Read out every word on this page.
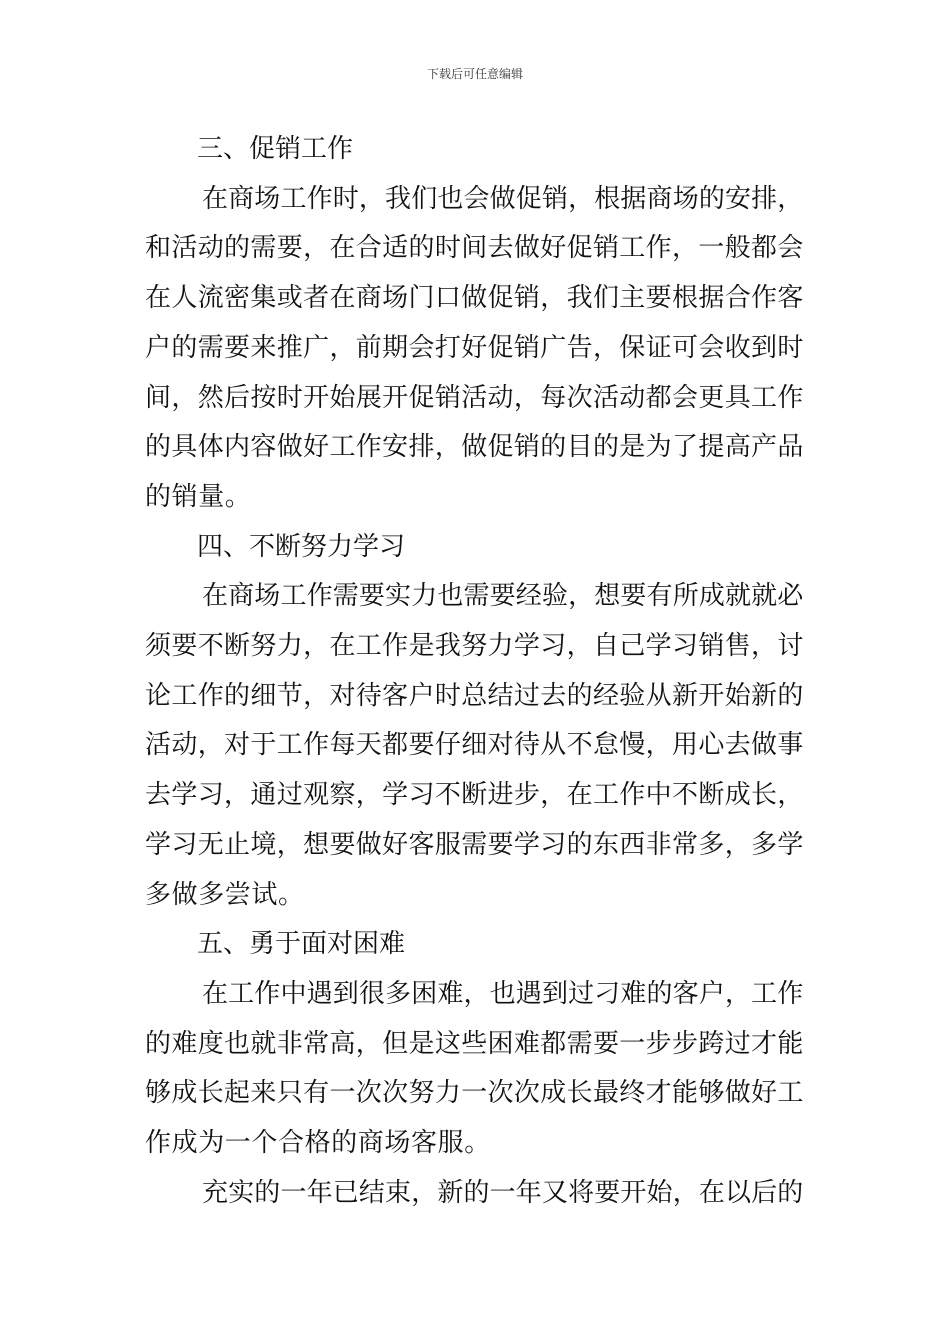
下载后可任意编辑

三、促销工作

在商场工作时，我们也会做促销，根据商场的安排，
和活动的需要，在合适的时间去做好促销工作，一般都会
在人流密集或者在商场门口做促销，我们主要根据合作客
户的需要来推广，前期会打好促销广告，保证可会收到时
间，然后按时开始展开促销活动，每次活动都会更具工作
的具体内容做好工作安排，做促销的目的是为了提高产品
的销量。

四、不断努力学习

在商场工作需要实力也需要经验，想要有所成就就必
须要不断努力，在工作是我努力学习，自己学习销售，讨
论工作的细节，对待客户时总结过去的经验从新开始新的
活动，对于工作每天都要仔细对待从不怠慢，用心去做事
去学习，通过观察，学习不断进步，在工作中不断成长，
学习无止境，想要做好客服需要学习的东西非常多，多学
多做多尝试。

五、勇于面对困难

在工作中遇到很多困难，也遇到过刁难的客户，工作
的难度也就非常高，但是这些困难都需要一步步跨过才能
够成长起来只有一次次努力一次次成长最终才能够做好工
作成为一个合格的商场客服。

充实的一年已结束，新的一年又将要开始，在以后的
